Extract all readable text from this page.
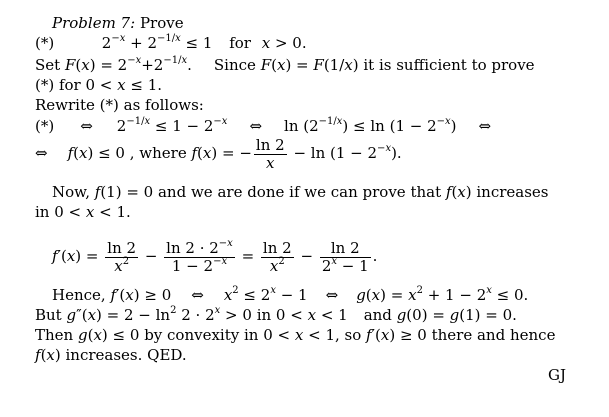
Problem 7: Prove
(*)	$2^{-x} + 2^{-1/x} \le 1$ for x > 0.
Set $F(x) = 2^{-x}+2^{-1/x}$. Since F(x) = F(1/x) it is sufficient to prove
(*) for 0 < x ≤ 1.
Rewrite (*) as follows:
(*) ⇔ $2^{-1/x} \le 1 - 2^{-x}$ ⇔ $\ln (2^{-1/x}) \le \ln (1 - 2^{-x})$ ⇔
⇔ f(x) ≤ 0 , where f(x) = − $\frac{\ln 2}{x} - \ln (1 - 2^{-x})$.
Now, f(1) = 0 and we are done if we can prove that f(x) increases
in 0 < x < 1.
$f'(x) = \frac{\ln 2}{x^2} - \frac{\ln 2 \cdot 2^{-x}}{1 - 2^{-x}} = \frac{\ln 2}{x^2} - \frac{\ln 2}{2^x - 1}$ .
Hence, f′(x) ≥ 0 ⇔ $x^2 \le 2^x - 1$ ⇔ $g(x) = x^2 + 1 - 2^x \le 0$.
But $g''(x) = 2 - \ln^2 2 \cdot 2^x > 0$ in 0 < x < 1 and g(0) = g(1) = 0.
Then g(x) ≤ 0 by convexity in 0 < x < 1, so f′(x) ≥ 0 there and hence
f(x) increases. QED.
GJ
